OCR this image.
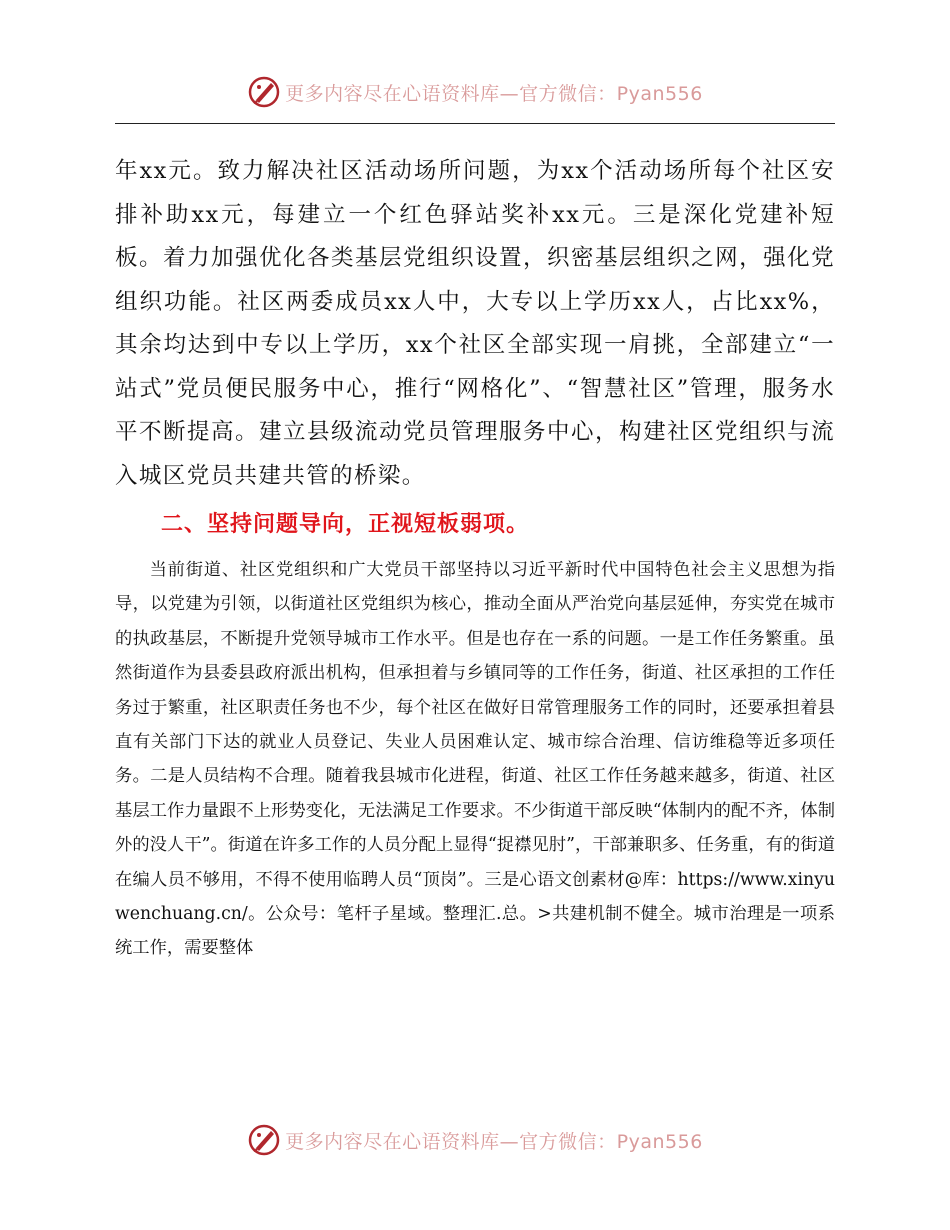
更多内容尽在心语资料库—官方微信：Pyan556

年xx元。致力解决社区活动场所问题，为xx个活动场所每个社区安排补助xx元，每建立一个红色驿站奖补xx元。三是深化党建补短板。着力加强优化各类基层党组织设置，织密基层组织之网，强化党组织功能。社区两委成员xx人中，大专以上学历xx人，占比xx%，其余均达到中专以上学历，xx个社区全部实现一肩挑，全部建立“一站式”党员便民服务中心，推行“网格化”、“智慧社区”管理，服务水平不断提高。建立县级流动党员管理服务中心，构建社区党组织与流入城区党员共建共管的桥梁。

二、坚持问题导向，正视短板弱项。

当前街道、社区党组织和广大党员干部坚持以习近平新时代中国特色社会主义思想为指导，以党建为引领，以街道社区党组织为核心，推动全面从严治党向基层延伸，夯实党在城市的执政基层，不断提升党领导城市工作水平。但是也存在一系的问题。一是工作任务繁重。虽然街道作为县委县政府派出机构，但承担着与乡镇同等的工作任务，街道、社区承担的工作任务过于繁重，社区职责任务也不少，每个社区在做好日常管理服务工作的同时，还要承担着县直有关部门下达的就业人员登记、失业人员困难认定、城市综合治理、信访维稳等近多项任务。二是人员结构不合理。随着我县城市化进程，街道、社区工作任务越来越多，街道、社区基层工作力量跟不上形势变化，无法满足工作要求。不少街道干部反映“体制内的配不齐，体制外的没人干”。街道在许多工作的人员分配上显得“捉襟见肘”，干部兼职多、任务重，有的街道在编人员不够用，不得不使用临聘人员“顶岗”。三是心语文创素材@库：https://www.xinyuwenchuang.cn/。公众号：笔杆子星域。整理汇.总。>共建机制不健全。城市治理是一项系统工作，需要整体

更多内容尽在心语资料库—官方微信：Pyan556
